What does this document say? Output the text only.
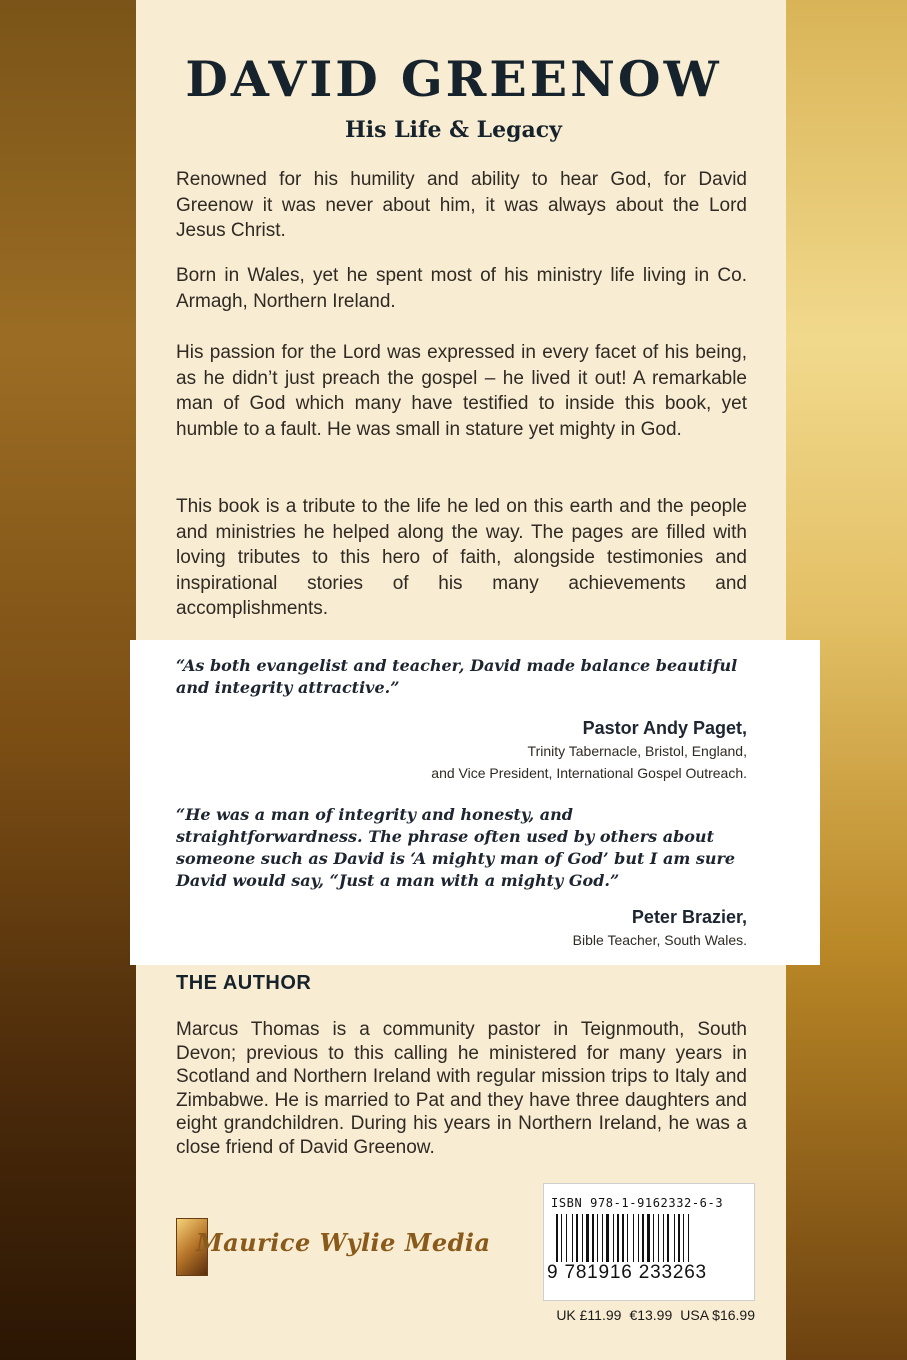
DAVID GREENOW
His Life & Legacy

Renowned for his humility and ability to hear God, for David Greenow it was never about him, it was always about the Lord Jesus Christ.

Born in Wales, yet he spent most of his ministry life living in Co. Armagh, Northern Ireland.

His passion for the Lord was expressed in every facet of his being, as he didn’t just preach the gospel – he lived it out! A remarkable man of God which many have testified to inside this book, yet humble to a fault. He was small in stature yet mighty in God.

This book is a tribute to the life he led on this earth and the people and ministries he helped along the way. The pages are filled with loving tributes to this hero of faith, alongside testimonies and inspirational stories of his many achievements and accomplishments.

“As both evangelist and teacher, David made balance beautiful and integrity attractive.”

Pastor Andy Paget,

Trinity Tabernacle, Bristol, England,

and Vice President, International Gospel Outreach.

“He was a man of integrity and honesty, and straightforwardness. The phrase often used by others about someone such as David is ‘A mighty man of God’ but I am sure David would say, “Just a man with a mighty God.”

Peter Brazier,

Bible Teacher, South Wales.

THE AUTHOR

Marcus Thomas is a community pastor in Teignmouth, South Devon; previous to this calling he ministered for many years in Scotland and Northern Ireland with regular mission trips to Italy and Zimbabwe. He is married to Pat and they have three daughters and eight grandchildren. During his years in Northern Ireland, he was a close friend of David Greenow.

Maurice Wylie Media

ISBN 978-1-9162332-6-3

9 781916 233263

UK £11.99 €13.99 USA $16.99
